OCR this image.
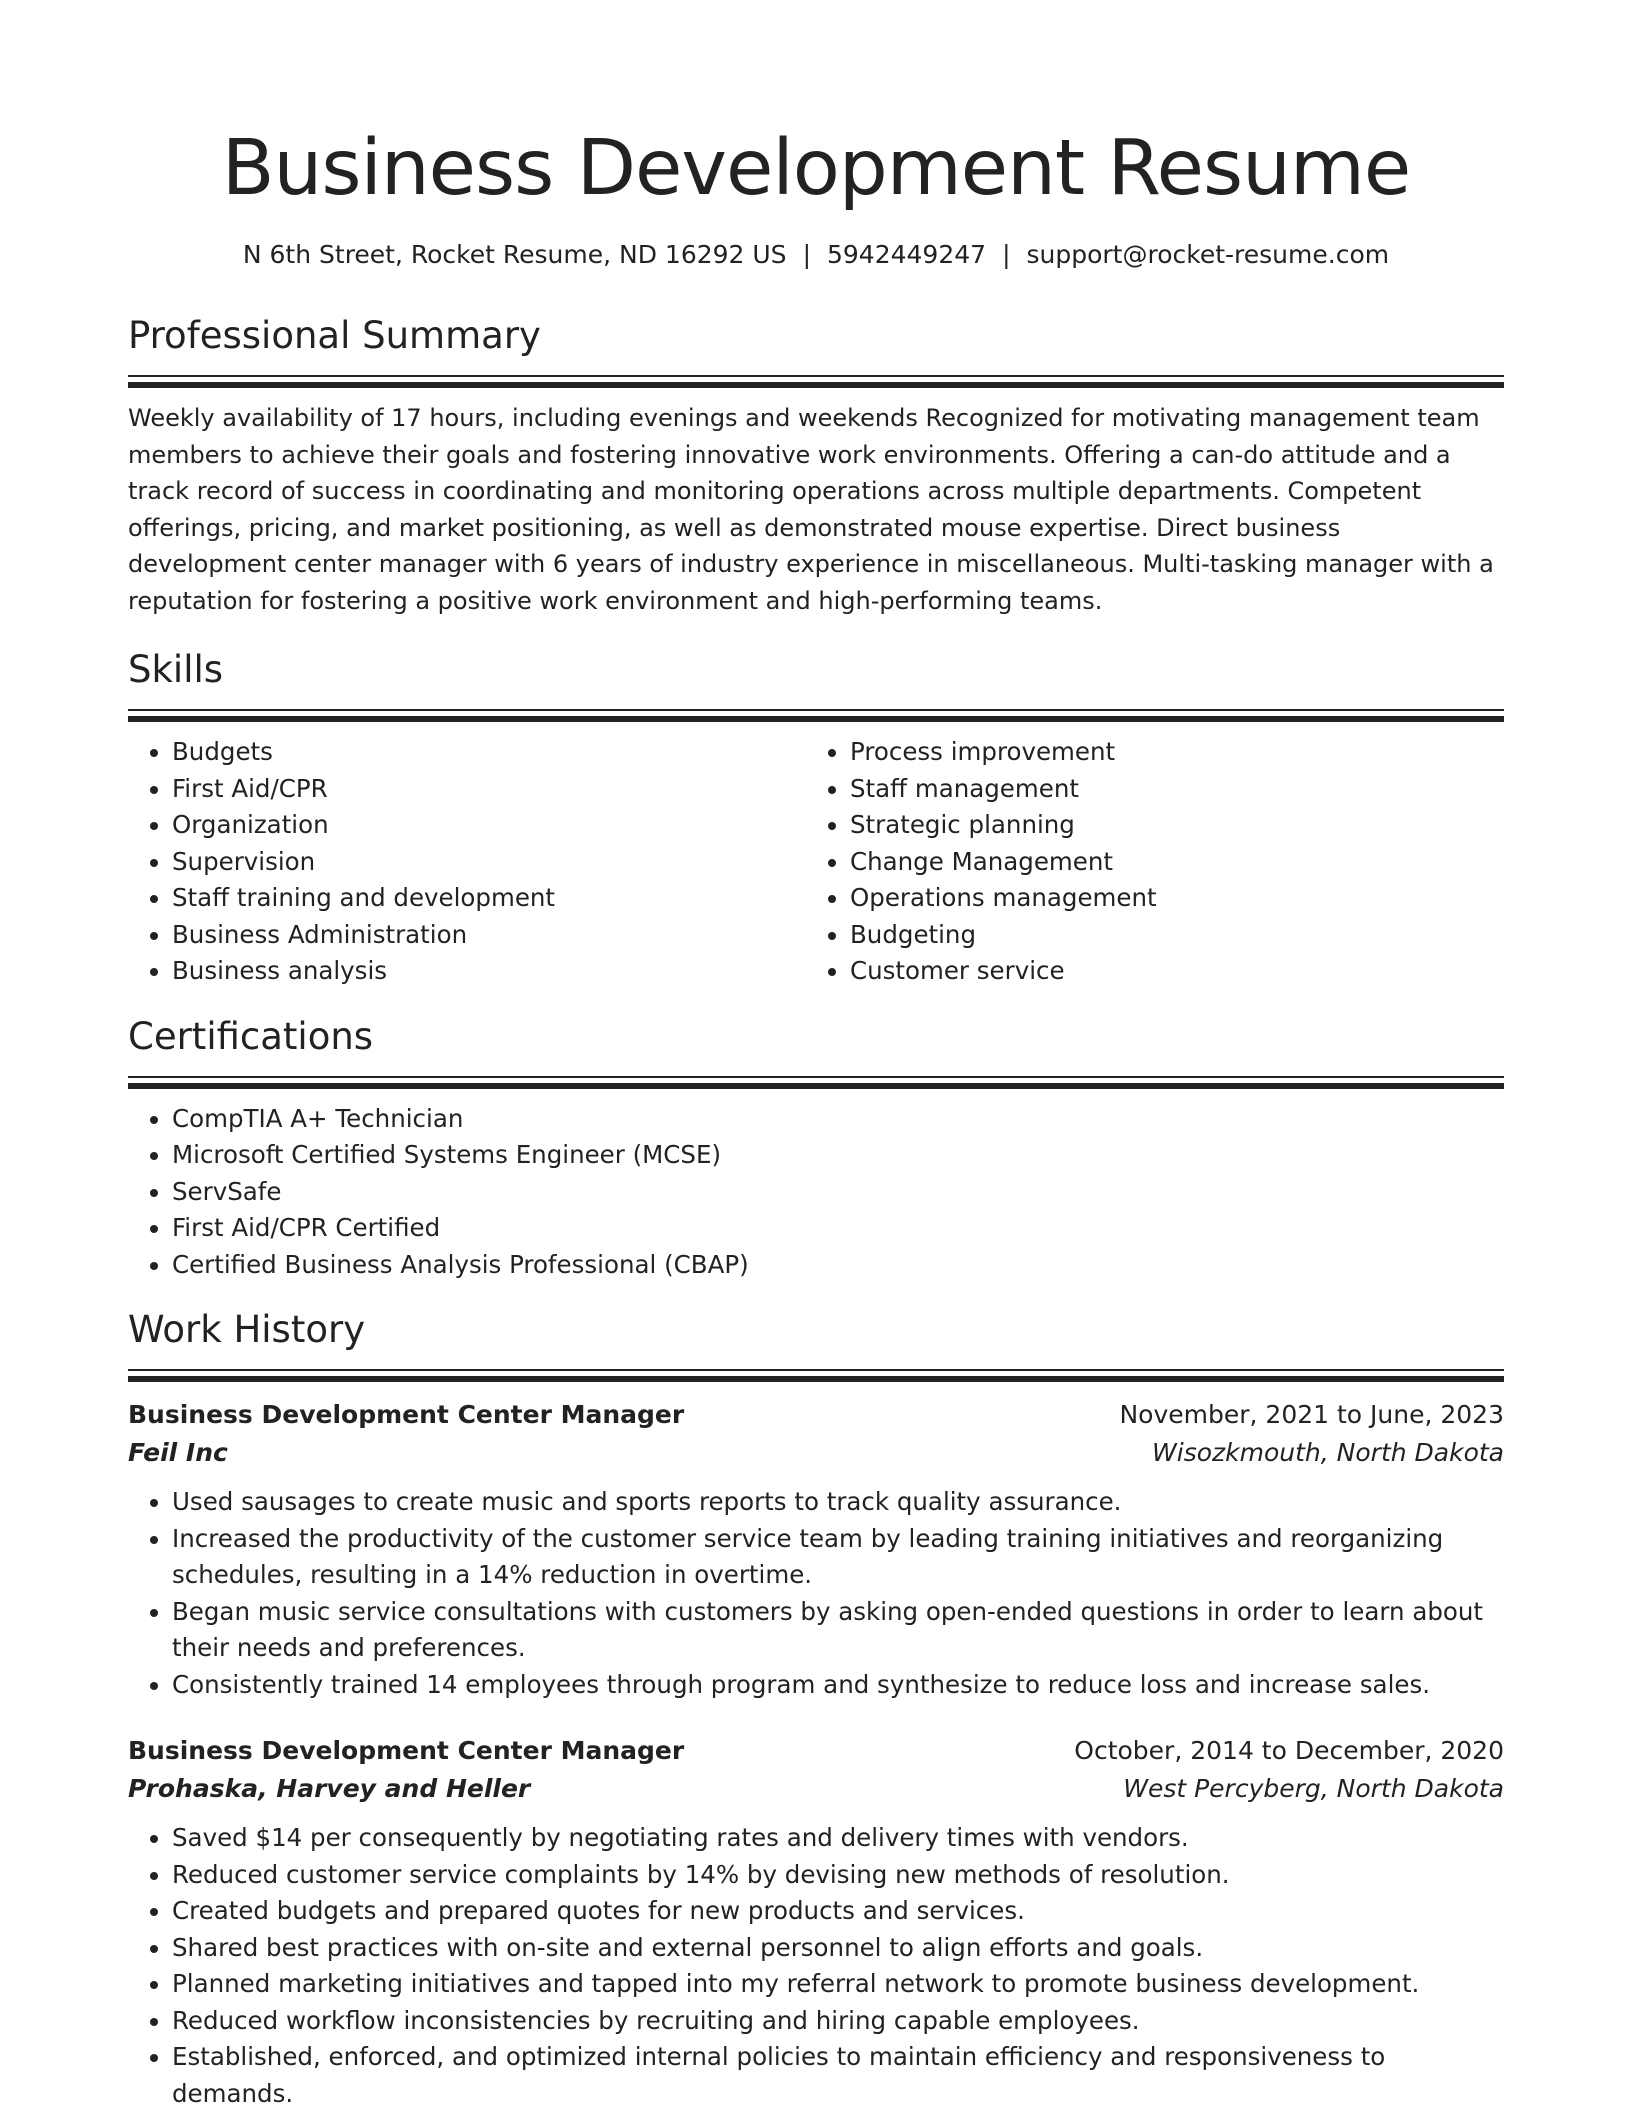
Business Development Resume
N 6th Street, Rocket Resume, ND 16292 US | 5942449247 | support@rocket-resume.com
Professional Summary

Weekly availability of 17 hours, including evenings and weekends Recognized for motivating management team members to achieve their goals and fostering innovative work environments. Offering a can-do attitude and a track record of success in coordinating and monitoring operations across multiple departments. Competent offerings, pricing, and market positioning, as well as demonstrated mouse expertise. Direct business development center manager with 6 years of industry experience in miscellaneous. Multi-tasking manager with a reputation for fostering a positive work environment and high-performing teams.

Skills
• Budgets
• First Aid/CPR
• Organization
• Supervision
• Staff training and development
• Business Administration
• Business analysis
• Process improvement
• Staff management
• Strategic planning
• Change Management
• Operations management
• Budgeting
• Customer service
Certifications
• CompTIA A+ Technician
• Microsoft Certified Systems Engineer (MCSE)
• ServSafe
• First Aid/CPR Certified
• Certified Business Analysis Professional (CBAP)
Work History
Business Development Center Manager	November, 2021 to June, 2023
Feil Inc	Wisozkmouth, North Dakota
• Used sausages to create music and sports reports to track quality assurance.
• Increased the productivity of the customer service team by leading training initiatives and reorganizing schedules, resulting in a 14% reduction in overtime.
• Began music service consultations with customers by asking open-ended questions in order to learn about their needs and preferences.
• Consistently trained 14 employees through program and synthesize to reduce loss and increase sales.
Business Development Center Manager	October, 2014 to December, 2020
Prohaska, Harvey and Heller	West Percyberg, North Dakota
• Saved $14 per consequently by negotiating rates and delivery times with vendors.
• Reduced customer service complaints by 14% by devising new methods of resolution.
• Created budgets and prepared quotes for new products and services.
• Shared best practices with on-site and external personnel to align efforts and goals.
• Planned marketing initiatives and tapped into my referral network to promote business development.
• Reduced workflow inconsistencies by recruiting and hiring capable employees.
• Established, enforced, and optimized internal policies to maintain efficiency and responsiveness to demands.
